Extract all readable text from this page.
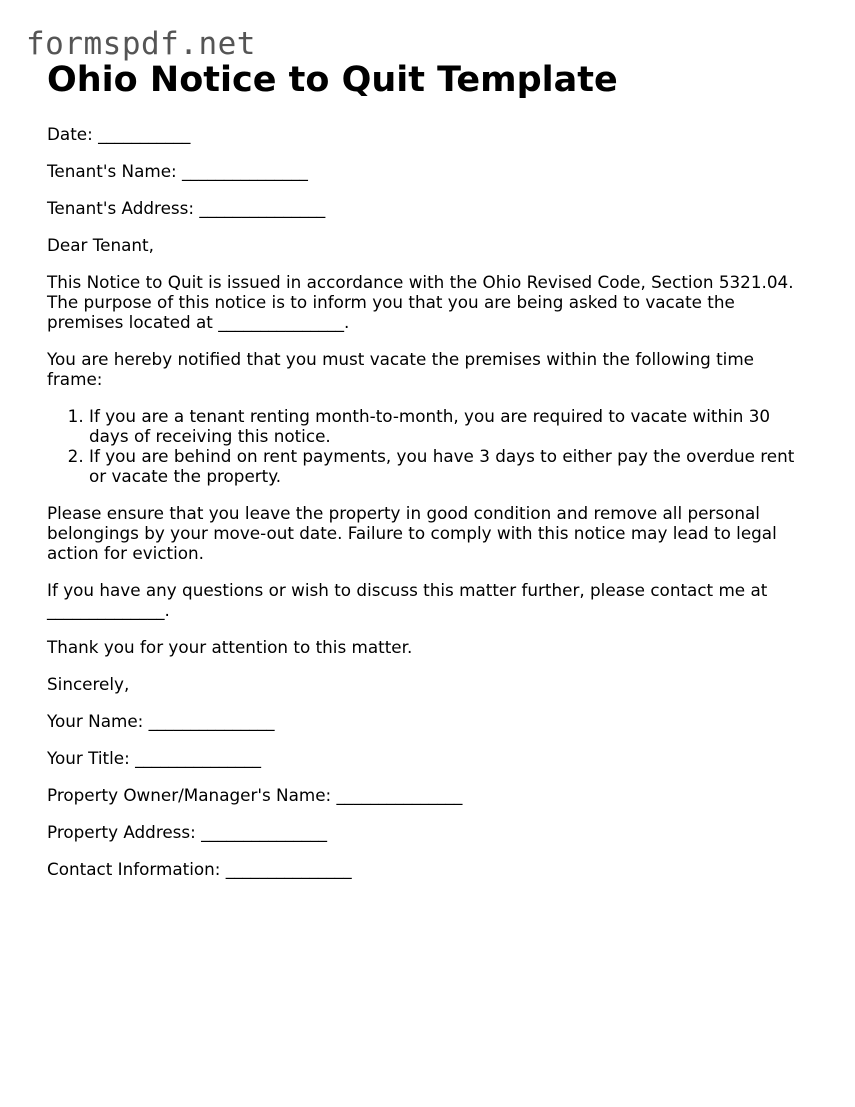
formspdf.net
Ohio Notice to Quit Template

Date: ___________

Tenant's Name: _______________

Tenant's Address: _______________

Dear Tenant,

This Notice to Quit is issued in accordance with the Ohio Revised Code, Section 5321.04. The purpose of this notice is to inform you that you are being asked to vacate the premises located at _______________.

You are hereby notified that you must vacate the premises within the following time frame:

1. If you are a tenant renting month-to-month, you are required to vacate within 30 days of receiving this notice.
2. If you are behind on rent payments, you have 3 days to either pay the overdue rent or vacate the property.

Please ensure that you leave the property in good condition and remove all personal belongings by your move-out date. Failure to comply with this notice may lead to legal action for eviction.

If you have any questions or wish to discuss this matter further, please contact me at ______________.

Thank you for your attention to this matter.

Sincerely,

Your Name: _______________

Your Title: _______________

Property Owner/Manager's Name: _______________

Property Address: _______________

Contact Information: _______________
